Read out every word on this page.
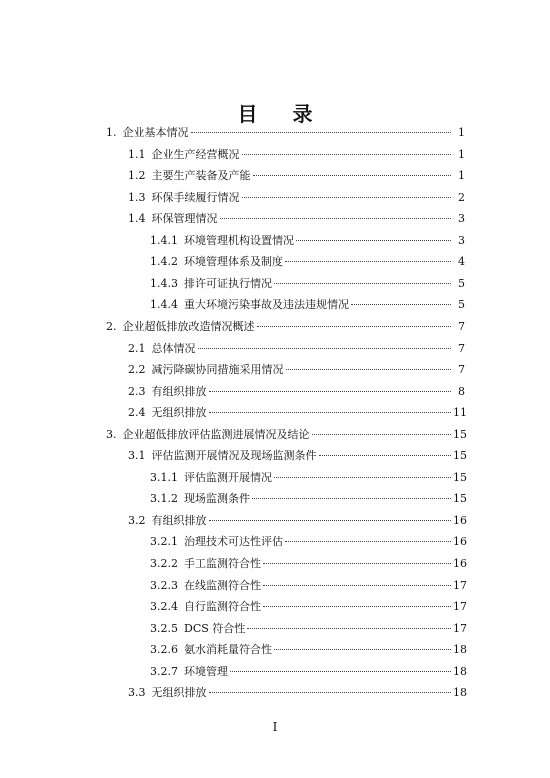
目 录
1. 企业基本情况	1
1.1 企业生产经营概况	1
1.2 主要生产装备及产能	1
1.3 环保手续履行情况	2
1.4 环保管理情况	3
1.4.1 环境管理机构设置情况	3
1.4.2 环境管理体系及制度	4
1.4.3 排许可证执行情况	5
1.4.4 重大环境污染事故及违法违规情况	5
2. 企业超低排放改造情况概述	7
2.1 总体情况	7
2.2 减污降碳协同措施采用情况	7
2.3 有组织排放	8
2.4 无组织排放	11
3. 企业超低排放评估监测进展情况及结论	15
3.1 评估监测开展情况及现场监测条件	15
3.1.1 评估监测开展情况	15
3.1.2 现场监测条件	15
3.2 有组织排放	16
3.2.1 治理技术可达性评估	16
3.2.2 手工监测符合性	16
3.2.3 在线监测符合性	17
3.2.4 自行监测符合性	17
3.2.5 DCS 符合性	17
3.2.6 氨水消耗量符合性	18
3.2.7 环境管理	18
3.3 无组织排放	18
I
